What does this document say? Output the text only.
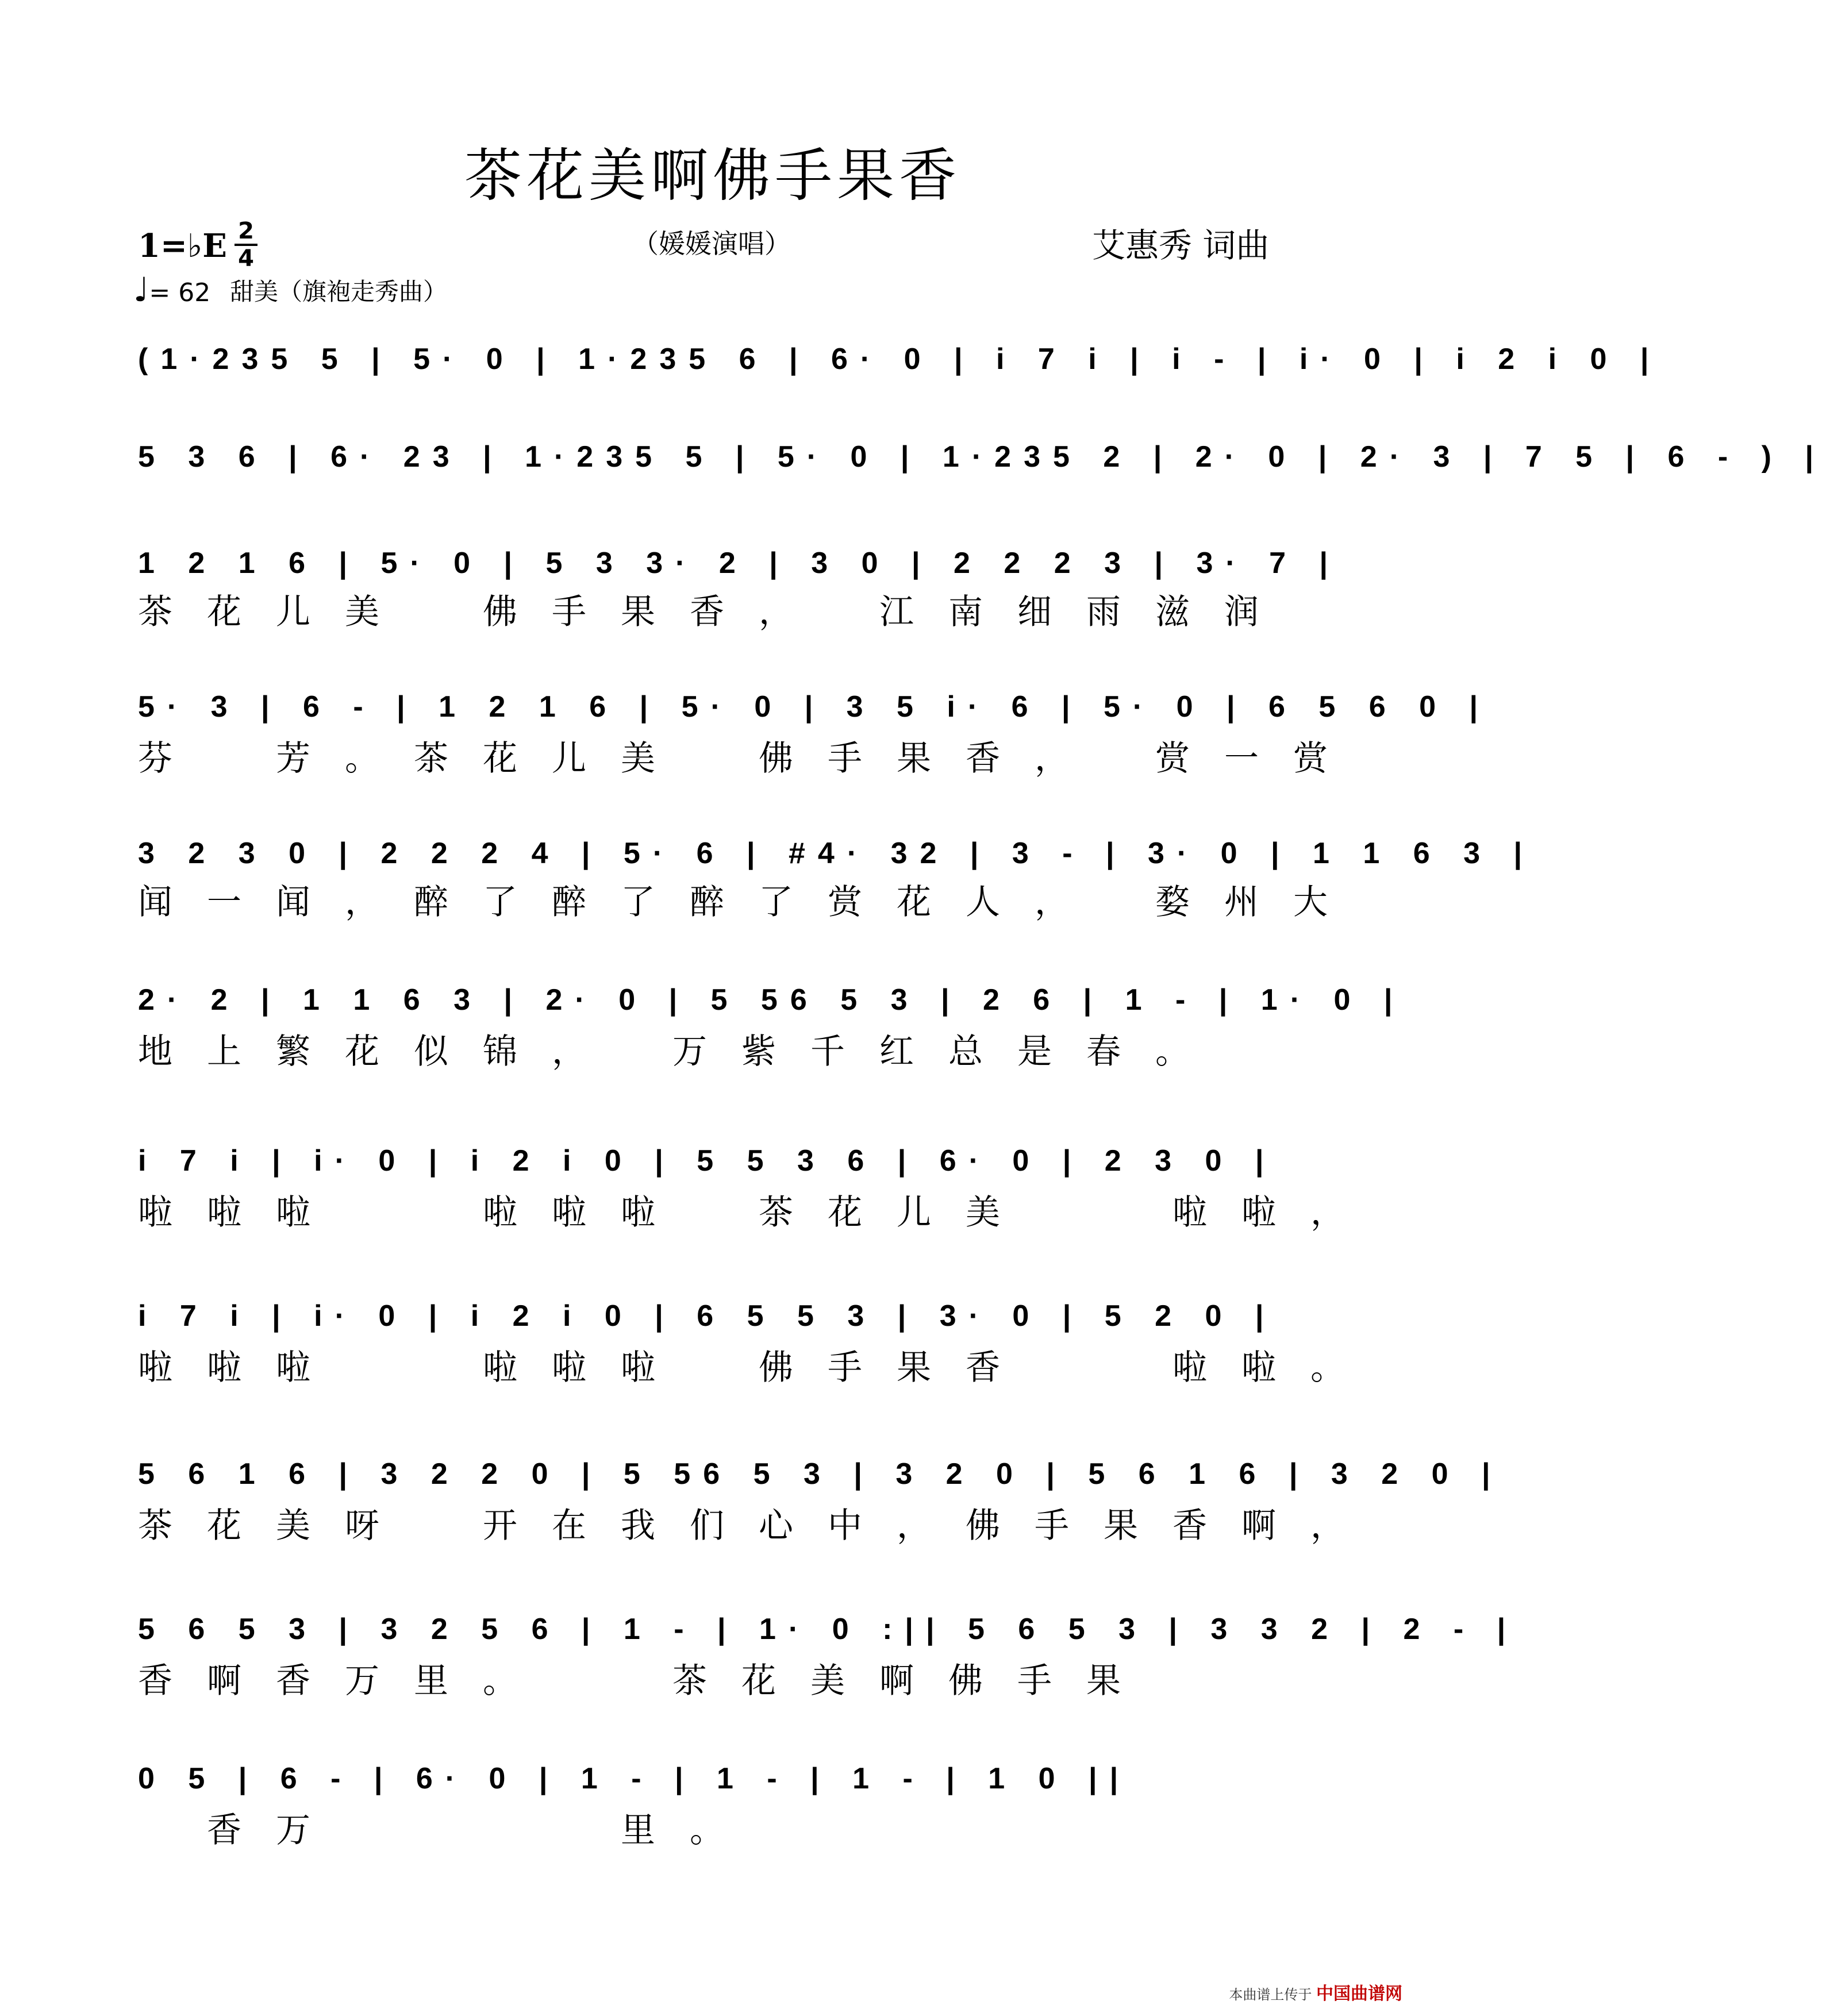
茶花美啊佛手果香
1=♭E 2
4	（媛媛演唱）	艾惠秀 词曲
♩= 62 甜美（旗袍走秀曲）
(1·235 5 | 5· 0 | 1·235 6 | 6· 0 | i 7 i | i - | i· 0 | i 2 i 0 |
5 3 6 | 6· 23 | 1·235 5 | 5· 0 | 1·235 2 | 2· 0 | 2· 3 | 7 5 | 6 - ) |
1 2 1 6 | 5· 0 | 5 3 3· 2 | 3 0 | 2 2 2 3 | 3· 7 |
茶花儿美　佛手果香，　江南细雨滋润
5· 3 | 6 - | 1 2 1 6 | 5· 0 | 3 5 i· 6 | 5· 0 | 6 5 6 0 |
芬　芳。茶花儿美　佛手果香，　赏一赏
3 2 3 0 | 2 2 2 4 | 5· 6 | #4· 32 | 3 - | 3· 0 | 1 1 6 3 |
闻一闻，醉了醉了醉了赏花人，　婺州大
2· 2 | 1 1 6 3 | 2· 0 | 5 56 5 3 | 2 6 | 1 - | 1· 0 |
地上繁花似锦，　万紫千红总是春。
i 7 i | i· 0 | i 2 i 0 | 5 5 3 6 | 6· 0 | 2 3 0 |
啦啦啦　　啦啦啦　茶花儿美　　啦啦，
i 7 i | i· 0 | i 2 i 0 | 6 5 5 3 | 3· 0 | 5 2 0 |
啦啦啦　　啦啦啦　佛手果香　　啦啦。
5 6 1 6 | 3 2 2 0 | 5 56 5 3 | 3 2 0 | 5 6 1 6 | 3 2 0 |
茶花美呀　开在我们心中，佛手果香啊，
5 6 5 3 | 3 2 5 6 | 1 - | 1· 0 :|| 5 6 5 3 | 3 3 2 | 2 - |
香啊香万里。　　茶花美啊佛手果
0 5 | 6 - | 6· 0 | 1 - | 1 - | 1 - | 1 0 ||
　香万　　　　里。
本曲谱上传于 中国曲谱网
